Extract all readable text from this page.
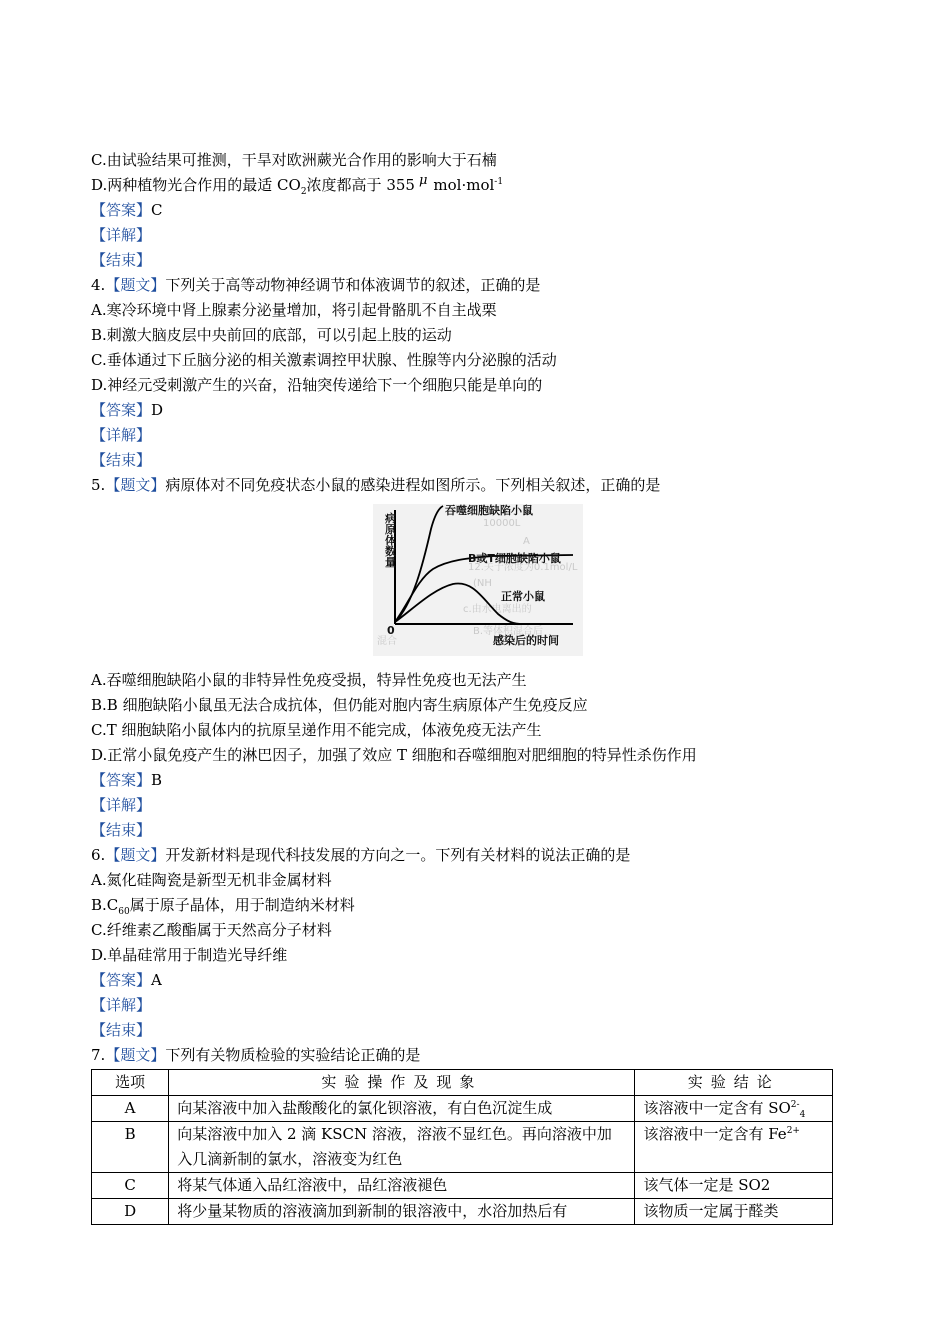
C.由试验结果可推测，干旱对欧洲蕨光合作用的影响大于石楠
D.两种植物光合作用的最适 $CO_2$浓度都高于 355 μ mol·mol$^{-1}$
【答案】C
【详解】
【结束】
4.【题文】下列关于高等动物神经调节和体液调节的叙述，正确的是
A.寒冷环境中肾上腺素分泌量增加，将引起骨骼肌不自主战栗
B.刺激大脑皮层中央前回的底部，可以引起上肢的运动
C.垂体通过下丘脑分泌的相关激素调控甲状腺、性腺等内分泌腺的活动
D.神经元受刺激产生的兴奋，沿轴突传递给下一个细胞只能是单向的
【答案】D
【详解】
【结束】
5.【题文】病原体对不同免疫状态小鼠的感染进程如图所示。下列相关叙述，正确的是
10000L
A
12.关于浓度为0.1mol/L
(NH
c.由水电离出的
B.等体积混合后
混合
病原体数量
吞噬细胞缺陷小鼠
B或T细胞缺陷小鼠
正常小鼠
0
感染后的时间
A.吞噬细胞缺陷小鼠的非特异性免疫受损，特异性免疫也无法产生
B.B 细胞缺陷小鼠虽无法合成抗体，但仍能对胞内寄生病原体产生免疫反应
C.T 细胞缺陷小鼠体内的抗原呈递作用不能完成，体液免疫无法产生
D.正常小鼠免疫产生的淋巴因子，加强了效应 T 细胞和吞噬细胞对肥细胞的特异性杀伤作用
【答案】B
【详解】
【结束】
6.【题文】开发新材料是现代科技发展的方向之一。下列有关材料的说法正确的是
A.氮化硅陶瓷是新型无机非金属材料
$B.C_{60}$属于原子晶体，用于制造纳米材料
C.纤维素乙酸酯属于天然高分子材料
D.单晶硅常用于制造光导纤维
【答案】A
【详解】
【结束】
7.【题文】下列有关物质检验的实验结论正确的是
选项	实验操作及现象	实验结论
A	向某溶液中加入盐酸酸化的氯化钡溶液，有白色沉淀生成	该溶液中一定含有 $SO^{2-}_4$
B	向某溶液中加入 2 滴 KSCN 溶液，溶液不显红色。再向溶液中加入几滴新制的氯水，溶液变为红色	该溶液中一定含有 $Fe^{2+}$
C	将某气体通入品红溶液中，品红溶液褪色	该气体一定是 SO2
D	将少量某物质的溶液滴加到新制的银溶液中，水浴加热后有	该物质一定属于醛类
